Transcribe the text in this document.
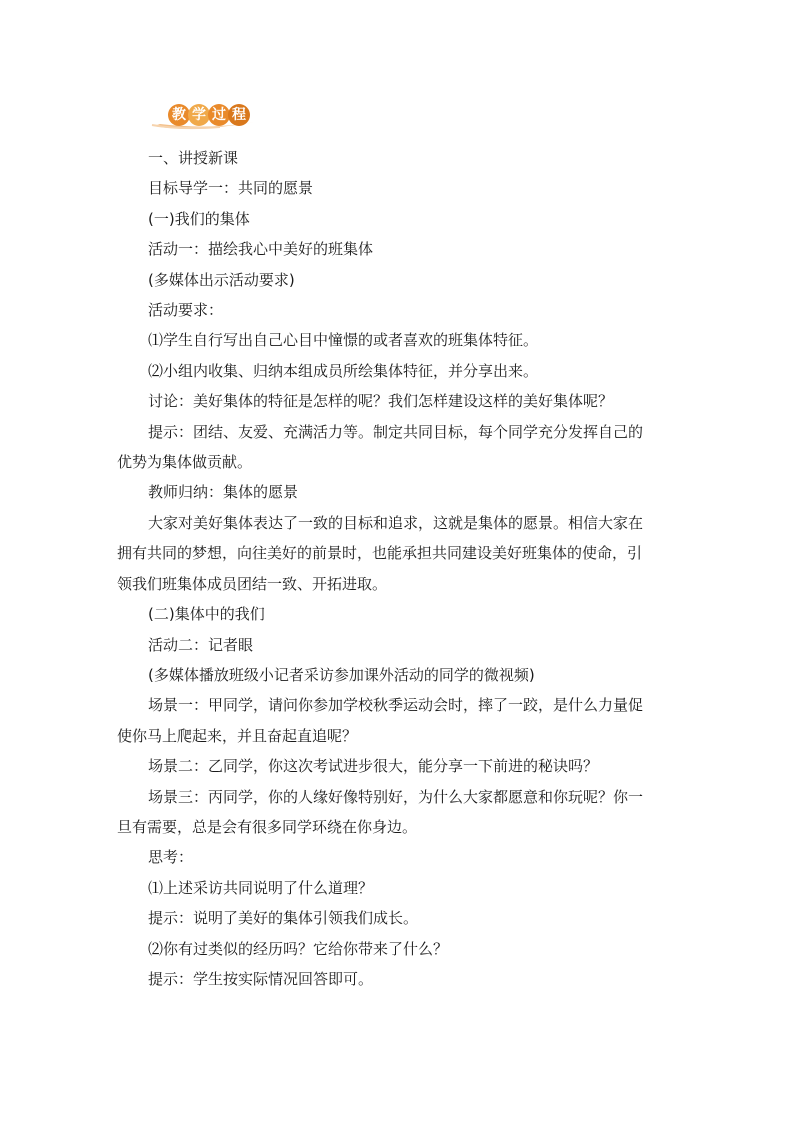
教 学 过 程

一、讲授新课

目标导学一：共同的愿景

(一)我们的集体

活动一：描绘我心中美好的班集体

(多媒体出示活动要求)

活动要求：

⑴学生自行写出自己心目中憧憬的或者喜欢的班集体特征。

⑵小组内收集、归纳本组成员所绘集体特征，并分享出来。

讨论：美好集体的特征是怎样的呢？我们怎样建设这样的美好集体呢？

提示：团结、友爱、充满活力等。制定共同目标，每个同学充分发挥自己的
优势为集体做贡献。

教师归纳：集体的愿景

大家对美好集体表达了一致的目标和追求，这就是集体的愿景。相信大家在
拥有共同的梦想，向往美好的前景时，也能承担共同建设美好班集体的使命，引
领我们班集体成员团结一致、开拓进取。

(二)集体中的我们

活动二：记者眼

(多媒体播放班级小记者采访参加课外活动的同学的微视频)

场景一：甲同学，请问你参加学校秋季运动会时，摔了一跤，是什么力量促
使你马上爬起来，并且奋起直追呢？

场景二：乙同学，你这次考试进步很大，能分享一下前进的秘诀吗？

场景三：丙同学，你的人缘好像特别好，为什么大家都愿意和你玩呢？你一
旦有需要，总是会有很多同学环绕在你身边。

思考：

⑴上述采访共同说明了什么道理？

提示：说明了美好的集体引领我们成长。

⑵你有过类似的经历吗？它给你带来了什么？

提示：学生按实际情况回答即可。
